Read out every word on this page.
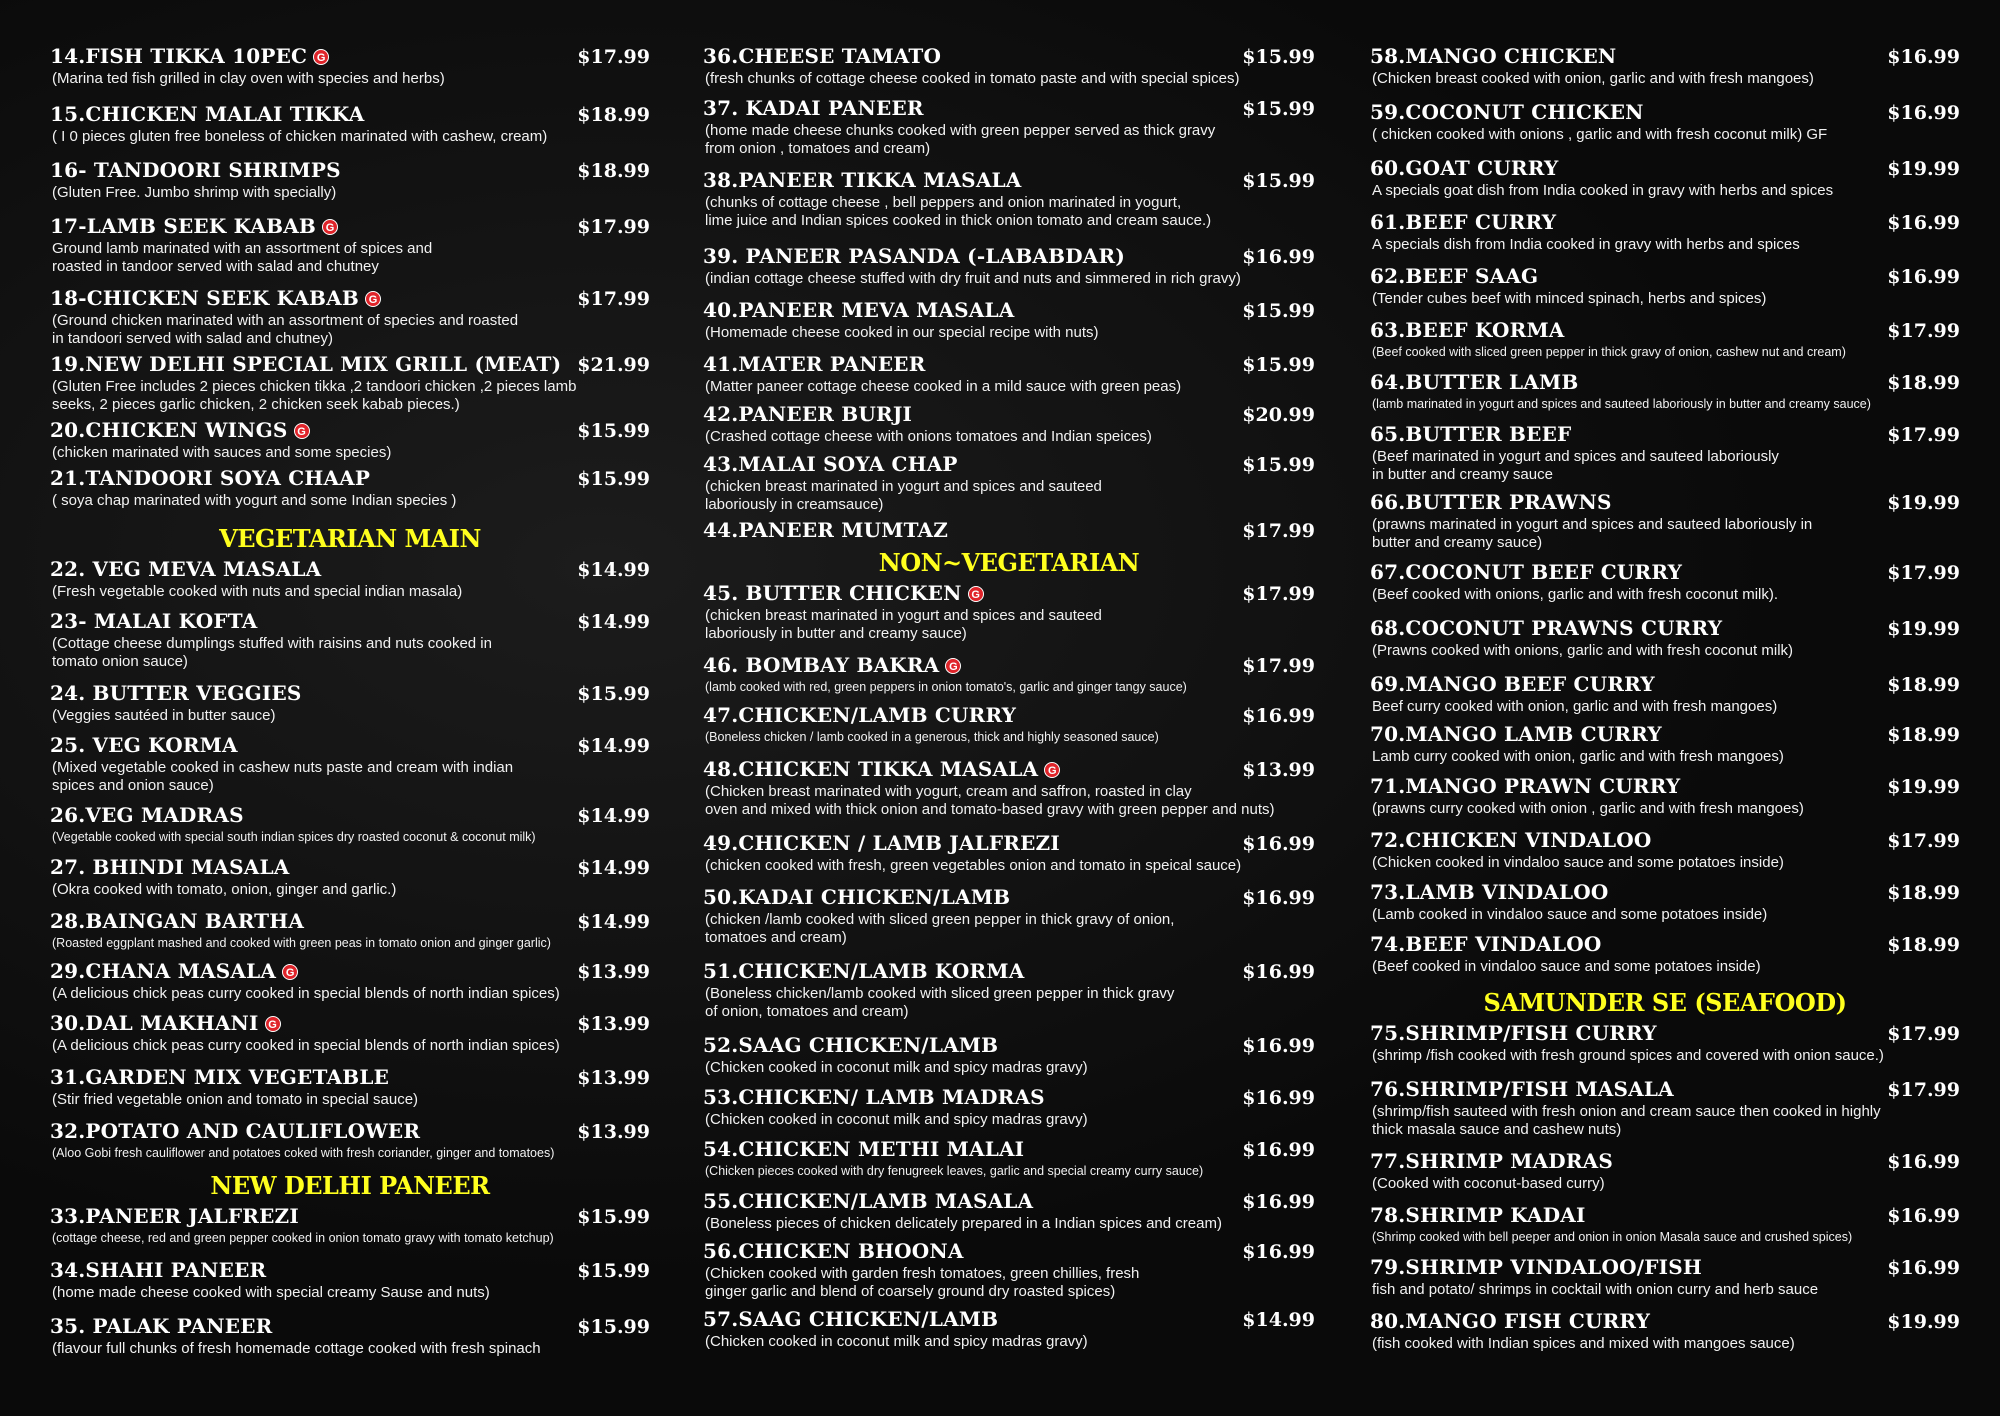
14.FISH TIKKA 10PEC G	$17.99
(Marina ted fish grilled in clay oven with species and herbs)
15.CHICKEN MALAI TIKKA	$18.99
( I 0 pieces gluten free boneless of chicken marinated with cashew, cream)
16- TANDOORI SHRIMPS	$18.99
(Gluten Free. Jumbo shrimp with specially)
17-LAMB SEEK KABAB G	$17.99
Ground lamb marinated with an assortment of spices and
roasted in tandoor served with salad and chutney
18-CHICKEN SEEK KABAB G	$17.99
(Ground chicken marinated with an assortment of species and roasted
in tandoori served with salad and chutney)
19.NEW DELHI SPECIAL MIX GRILL (MEAT) $21.99
(Gluten Free includes 2 pieces chicken tikka ,2 tandoori chicken ,2 pieces lamb
seeks, 2 pieces garlic chicken, 2 chicken seek kabab pieces.)
20.CHICKEN WINGS G	$15.99
(chicken marinated with sauces and some species)
21.TANDOORI SOYA CHAAP	$15.99
( soya chap marinated with yogurt and some Indian species )
VEGETARIAN MAIN
22. VEG MEVA MASALA	$14.99
(Fresh vegetable cooked with nuts and special indian masala)
23- MALAI KOFTA	$14.99
(Cottage cheese dumplings stuffed with raisins and nuts cooked in
tomato onion sauce)
24. BUTTER VEGGIES	$15.99
(Veggies sautéed in butter sauce)
25. VEG KORMA	$14.99
(Mixed vegetable cooked in cashew nuts paste and cream with indian
spices and onion sauce)
26.VEG MADRAS	$14.99
(Vegetable cooked with special south indian spices dry roasted coconut & coconut milk)
27. BHINDI MASALA	$14.99
(Okra cooked with tomato, onion, ginger and garlic.)
28.BAINGAN BARTHA	$14.99
(Roasted eggplant mashed and cooked with green peas in tomato onion and ginger garlic)
29.CHANA MASALA G	$13.99
(A delicious chick peas curry cooked in special blends of north indian spices)
30.DAL MAKHANI G	$13.99
(A delicious chick peas curry cooked in special blends of north indian spices)
31.GARDEN MIX VEGETABLE	$13.99
(Stir fried vegetable onion and tomato in special sauce)
32.POTATO AND CAULIFLOWER	$13.99
(Aloo Gobi fresh cauliflower and potatoes coked with fresh coriander, ginger and tomatoes)
NEW DELHI PANEER
33.PANEER JALFREZI	$15.99
(cottage cheese, red and green pepper cooked in onion tomato gravy with tomato ketchup)
34.SHAHI PANEER	$15.99
(home made cheese cooked with special creamy Sause and nuts)
35. PALAK PANEER	$15.99
(flavour full chunks of fresh homemade cottage cooked with fresh spinach
36.CHEESE TAMATO	$15.99
(fresh chunks of cottage cheese cooked in tomato paste and with special spices)
37. KADAI PANEER	$15.99
(home made cheese chunks cooked with green pepper served as thick gravy
from onion , tomatoes and cream)
38.PANEER TIKKA MASALA	$15.99
(chunks of cottage cheese , bell peppers and onion marinated in yogurt,
lime juice and Indian spices cooked in thick onion tomato and cream sauce.)
39. PANEER PASANDA (-LABABDAR)	$16.99
(indian cottage cheese stuffed with dry fruit and nuts and simmered in rich gravy)
40.PANEER MEVA MASALA	$15.99
(Homemade cheese cooked in our special recipe with nuts)
41.MATER PANEER	$15.99
(Matter paneer cottage cheese cooked in a mild sauce with green peas)
42.PANEER BURJI	$20.99
(Crashed cottage cheese with onions tomatoes and Indian speices)
43.MALAI SOYA CHAP	$15.99
(chicken breast marinated in yogurt and spices and sauteed
laboriously in creamsauce)
44.PANEER MUMTAZ	$17.99
NON~VEGETARIAN
45. BUTTER CHICKEN G	$17.99
(chicken breast marinated in yogurt and spices and sauteed
laboriously in butter and creamy sauce)
46. BOMBAY BAKRA G	$17.99
(lamb cooked with red, green peppers in onion tomato's, garlic and ginger tangy sauce)
47.CHICKEN/LAMB CURRY	$16.99
(Boneless chicken / lamb cooked in a generous, thick and highly seasoned sauce)
48.CHICKEN TIKKA MASALA G	$13.99
(Chicken breast marinated with yogurt, cream and saffron, roasted in clay
oven and mixed with thick onion and tomato-based gravy with green pepper and nuts)
49.CHICKEN / LAMB JALFREZI	$16.99
(chicken cooked with fresh, green vegetables onion and tomato in speical sauce)
50.KADAI CHICKEN/LAMB	$16.99
(chicken /lamb cooked with sliced green pepper in thick gravy of onion,
tomatoes and cream)
51.CHICKEN/LAMB KORMA	$16.99
(Boneless chicken/lamb cooked with sliced green pepper in thick gravy
of onion, tomatoes and cream)
52.SAAG CHICKEN/LAMB	$16.99
(Chicken cooked in coconut milk and spicy madras gravy)
53.CHICKEN/ LAMB MADRAS	$16.99
(Chicken cooked in coconut milk and spicy madras gravy)
54.CHICKEN METHI MALAI	$16.99
(Chicken pieces cooked with dry fenugreek leaves, garlic and special creamy curry sauce)
55.CHICKEN/LAMB MASALA	$16.99
(Boneless pieces of chicken delicately prepared in a Indian spices and cream)
56.CHICKEN BHOONA	$16.99
(Chicken cooked with garden fresh tomatoes, green chillies, fresh
ginger garlic and blend of coarsely ground dry roasted spices)
57.SAAG CHICKEN/LAMB	$14.99
(Chicken cooked in coconut milk and spicy madras gravy)
58.MANGO CHICKEN	$16.99
(Chicken breast cooked with onion, garlic and with fresh mangoes)
59.COCONUT CHICKEN	$16.99
( chicken cooked with onions , garlic and with fresh coconut milk) GF
60.GOAT CURRY	$19.99
A specials goat dish from India cooked in gravy with herbs and spices
61.BEEF CURRY	$16.99
A specials dish from India cooked in gravy with herbs and spices
62.BEEF SAAG	$16.99
(Tender cubes beef with minced spinach, herbs and spices)
63.BEEF KORMA	$17.99
(Beef cooked with sliced green pepper in thick gravy of onion, cashew nut and cream)
64.BUTTER LAMB	$18.99
(lamb marinated in yogurt and spices and sauteed laboriously in butter and creamy sauce)
65.BUTTER BEEF	$17.99
(Beef marinated in yogurt and spices and sauteed laboriously
in butter and creamy sauce
66.BUTTER PRAWNS	$19.99
(prawns marinated in yogurt and spices and sauteed laboriously in
butter and creamy sauce)
67.COCONUT BEEF CURRY	$17.99
(Beef cooked with onions, garlic and with fresh coconut milk).
68.COCONUT PRAWNS CURRY	$19.99
(Prawns cooked with onions, garlic and with fresh coconut milk)
69.MANGO BEEF CURRY	$18.99
Beef curry cooked with onion, garlic and with fresh mangoes)
70.MANGO LAMB CURRY	$18.99
Lamb curry cooked with onion, garlic and with fresh mangoes)
71.MANGO PRAWN CURRY	$19.99
(prawns curry cooked with onion , garlic and with fresh mangoes)
72.CHICKEN VINDALOO	$17.99
(Chicken cooked in vindaloo sauce and some potatoes inside)
73.LAMB VINDALOO	$18.99
(Lamb cooked in vindaloo sauce and some potatoes inside)
74.BEEF VINDALOO	$18.99
(Beef cooked in vindaloo sauce and some potatoes inside)
SAMUNDER SE (SEAFOOD)
75.SHRIMP/FISH CURRY	$17.99
(shrimp /fish cooked with fresh ground spices and covered with onion sauce.)
76.SHRIMP/FISH MASALA	$17.99
(shrimp/fish sauteed with fresh onion and cream sauce then cooked in highly
thick masala sauce and cashew nuts)
77.SHRIMP MADRAS	$16.99
(Cooked with coconut-based curry)
78.SHRIMP KADAI	$16.99
(Shrimp cooked with bell peeper and onion in onion Masala sauce and crushed spices)
79.SHRIMP VINDALOO/FISH	$16.99
fish and potato/ shrimps in cocktail with onion curry and herb sauce
80.MANGO FISH CURRY	$19.99
(fish cooked with Indian spices and mixed with mangoes sauce)
